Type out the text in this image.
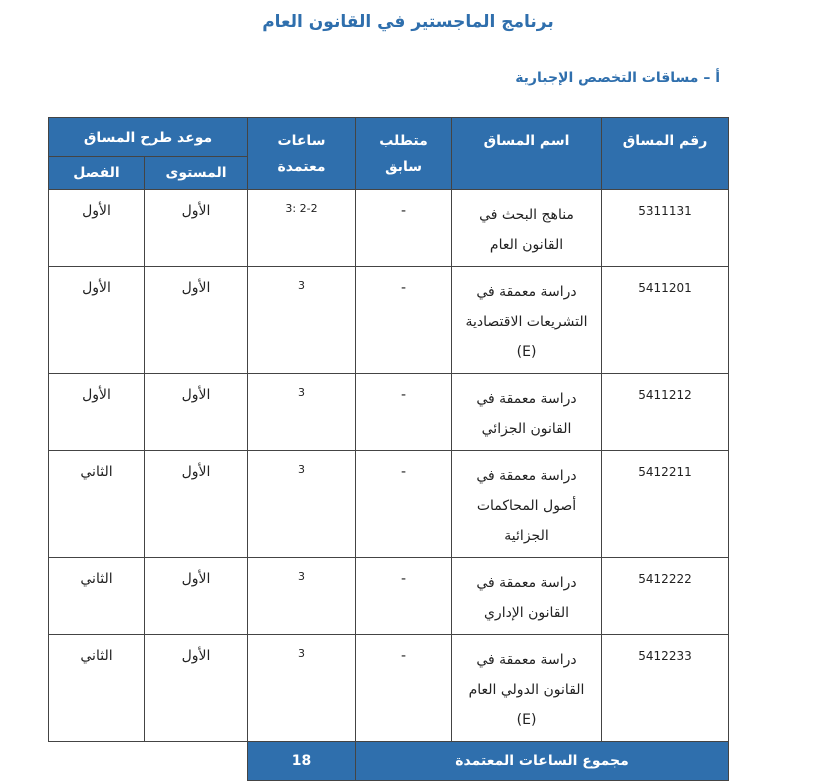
برنامج الماجستير في القانون العام
أ – مساقات التخصص الإجبارية
رقم المساق	اسم المساق	متطلب سابق	ساعات معتمدة	موعد طرح المساق	
				المستوى	الفصل
5311131	مناهج البحث في القانون العام	-	2-2 :3	الأول	الأول
5411201	دراسة معمقة في التشريعات الاقتصادية (E)	-	3	الأول	الأول
5411212	دراسة معمقة في القانون الجزائي	-	3	الأول	الأول
5412211	دراسة معمقة في أصول المحاكمات الجزائية	-	3	الأول	الثاني
5412222	دراسة معمقة في القانون الإداري	-	3	الأول	الثاني
5412233	دراسة معمقة في القانون الدولي العام (E)	-	3	الأول	الثاني
مجموع الساعات المعتمدة			18		
